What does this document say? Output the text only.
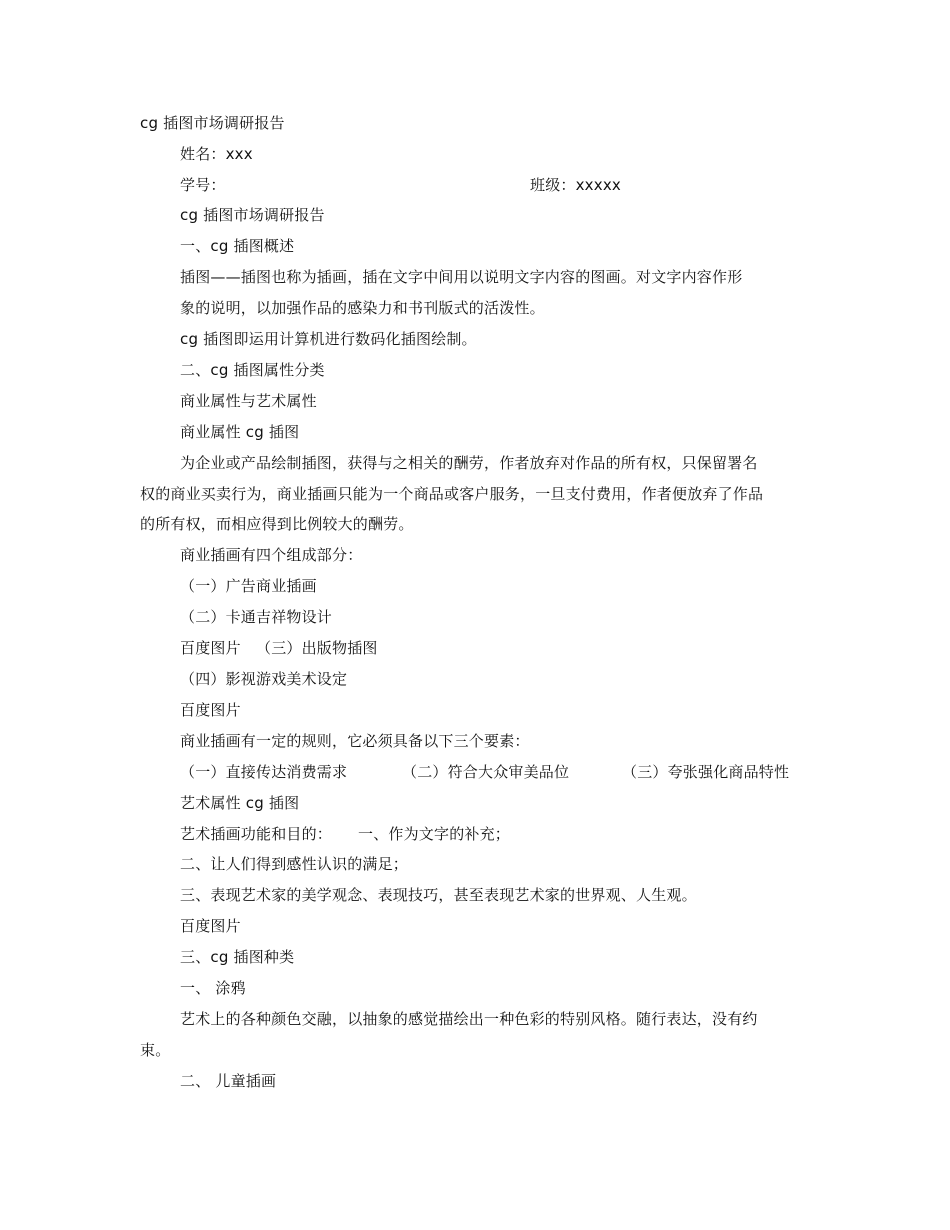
cg 插图市场调研报告
姓名：xxx
学号：	班级：xxxxx
cg 插图市场调研报告
一、cg 插图概述
插图——插图也称为插画，插在文字中间用以说明文字内容的图画。对文字内容作形
象的说明，以加强作品的感染力和书刊版式的活泼性。
cg 插图即运用计算机进行数码化插图绘制。
二、cg 插图属性分类
商业属性与艺术属性
商业属性 cg 插图
为企业或产品绘制插图，获得与之相关的酬劳，作者放弃对作品的所有权，只保留署名
权的商业买卖行为，商业插画只能为一个商品或客户服务，一旦支付费用，作者便放弃了作品
的所有权，而相应得到比例较大的酬劳。
商业插画有四个组成部分：
（一）广告商业插画
（二）卡通吉祥物设计
百度图片 （三）出版物插图
（四）影视游戏美术设定
百度图片
商业插画有一定的规则，它必须具备以下三个要素：
（一）直接传达消费需求	（二）符合大众审美品位	（三）夸张强化商品特性
艺术属性 cg 插图
艺术插画功能和目的： 一、作为文字的补充；
二、让人们得到感性认识的满足；
三、表现艺术家的美学观念、表现技巧，甚至表现艺术家的世界观、人生观。
百度图片
三、cg 插图种类
一、 涂鸦
艺术上的各种颜色交融，以抽象的感觉描绘出一种色彩的特别风格。随行表达，没有约
束。
二、 儿童插画
